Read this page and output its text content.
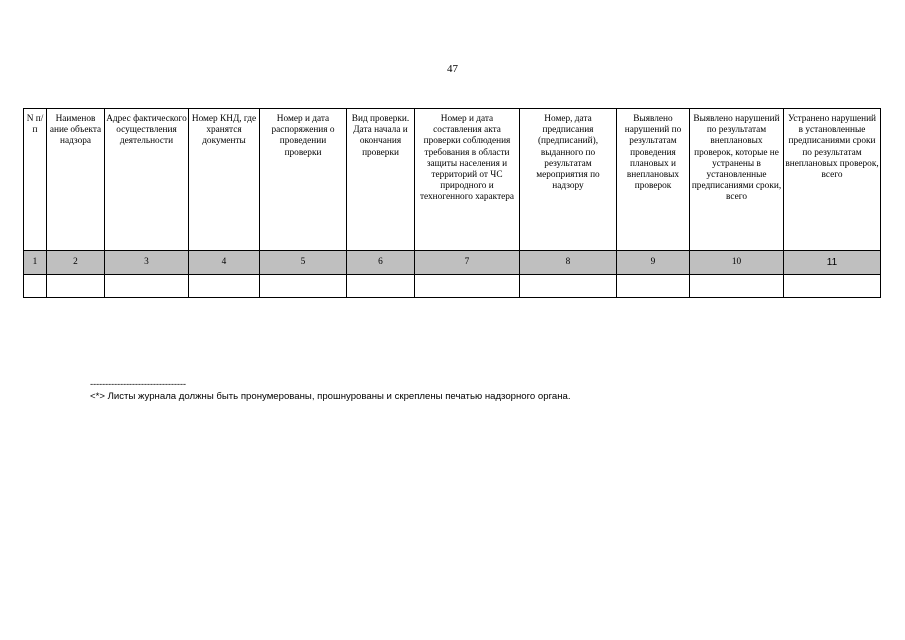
47
N п/п	Наименов ание объекта надзора	Адрес фактического осуществления деятельности	Номер КНД, где хранятся документы	Номер и дата распоряжения о проведении проверки	Вид проверки. Дата начала и окончания проверки	Номер и дата составления акта проверки соблюдения требования в области защиты населения и территорий от ЧС природного и техногенного характера	Номер, дата предписания (предписаний), выданного по результатам мероприятия по надзору	Выявлено нарушений по результатам проведения плановых и внеплановых проверок	Выявлено нарушений по результатам внеплановых проверок, которые не устранены в установленные предписаниями сроки, всего	Устранено нарушений в установленные предписаниями сроки по результатам внеплановых проверок, всего
1	2	3	4	5	6	7	8	9	10	11

--------------------------------
<*> Листы журнала должны быть пронумерованы, прошнурованы и скреплены печатью надзорного органа.
